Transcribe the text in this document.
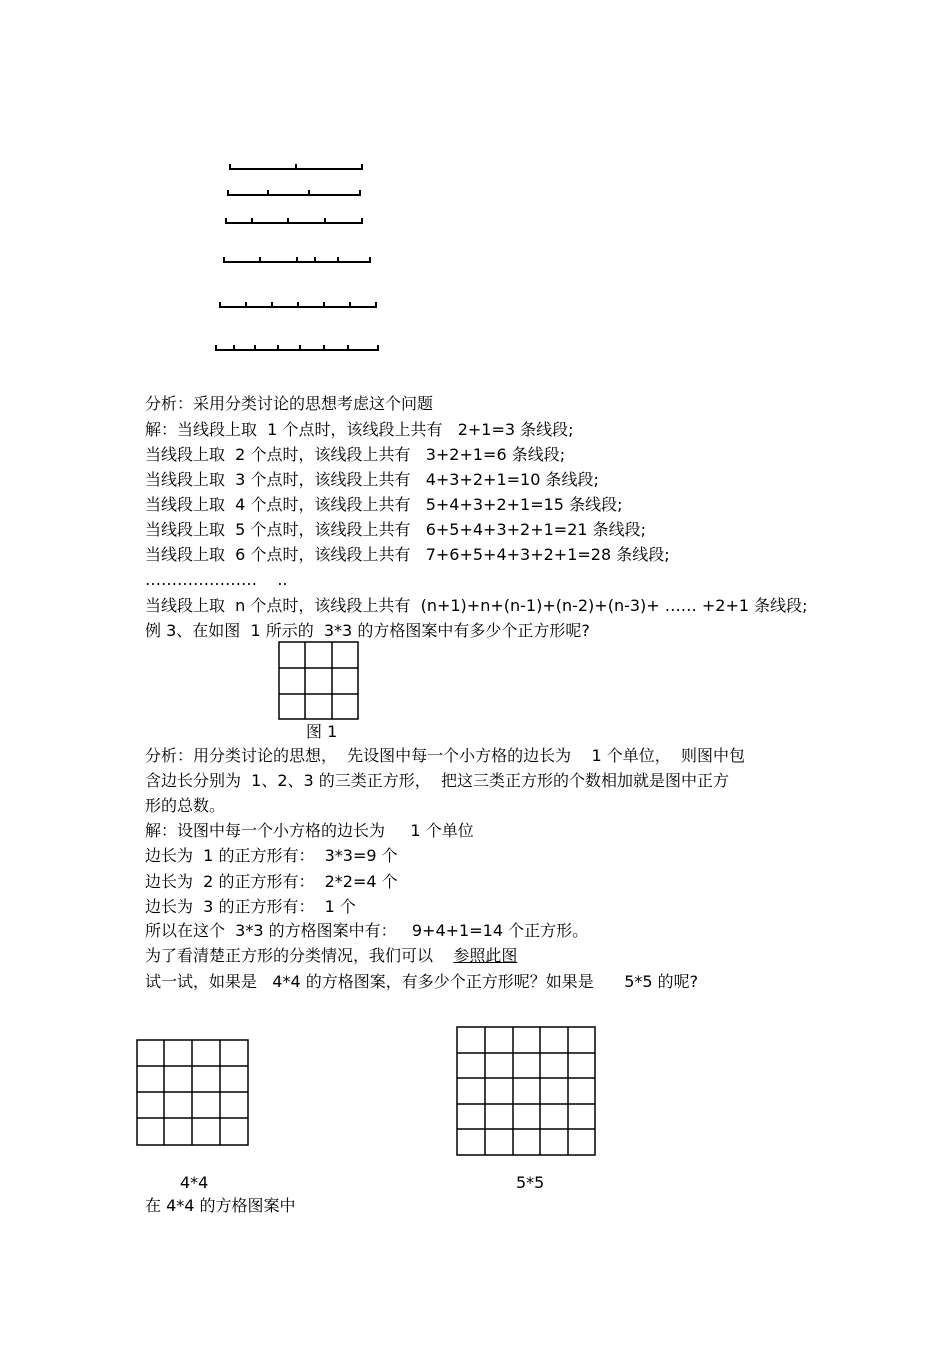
分析：采用分类讨论的思想考虑这个问题
解：当线段上取  1 个点时，该线段上共有   2+1=3 条线段;
当线段上取  2 个点时，该线段上共有   3+2+1=6 条线段;
当线段上取  3 个点时，该线段上共有   4+3+2+1=10 条线段;
当线段上取  4 个点时，该线段上共有   5+4+3+2+1=15 条线段;
当线段上取  5 个点时，该线段上共有   6+5+4+3+2+1=21 条线段;
当线段上取  6 个点时，该线段上共有   7+6+5+4+3+2+1=28 条线段;
…………………    ..
当线段上取  n 个点时，该线段上共有  (n+1)+n+(n-1)+(n-2)+(n-3)+ …… +2+1 条线段;
例 3、在如图  1 所示的  3*3 的方格图案中有多少个正方形呢?
图 1
分析：用分类讨论的思想，  先设图中每一个小方格的边长为    1 个单位，  则图中包
含边长分别为  1、2、3 的三类正方形，  把这三类正方形的个数相加就是图中正方
形的总数。
解：设图中每一个小方格的边长为     1 个单位
边长为  1 的正方形有：  3*3=9 个
边长为  2 的正方形有：  2*2=4 个
边长为  3 的正方形有：  1 个
所以在这个  3*3 的方格图案中有：   9+4+1=14 个正方形。
为了看清楚正方形的分类情况，我们可以    参照此图
试一试，如果是   4*4 的方格图案，有多少个正方形呢？如果是      5*5 的呢?
4*4	5*5
在 4*4 的方格图案中
